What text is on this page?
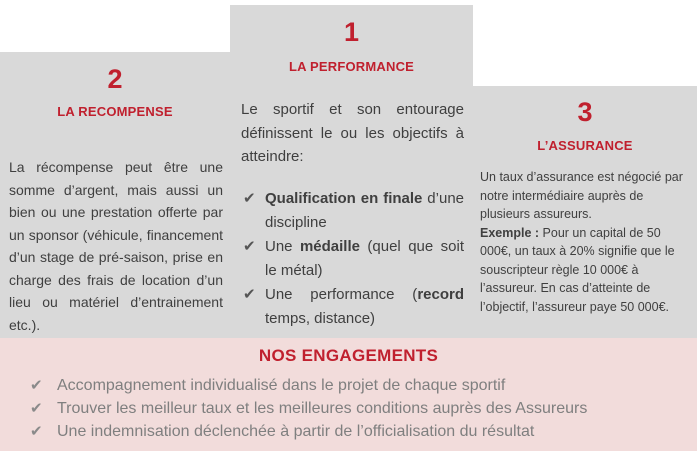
2
LA RECOMPENSE

La récompense peut être une somme d’argent, mais aussi un bien ou une prestation offerte par un sponsor (véhicule, financement d’un stage de pré-saison, prise en charge des frais de location d’un lieu ou matériel d’entrainement etc.).

1
LA PERFORMANCE

Le sportif et son entourage définissent le ou les objectifs à atteindre:

✔ Qualification en finale d’une discipline
✔ Une médaille (quel que soit le métal)
✔ Une performance (record temps, distance)
3
L’ASSURANCE

Un taux d’assurance est négocié par notre intermédiaire auprès de plusieurs assureurs.

Exemple : Pour un capital de 50 000€, un taux à 20% signifie que le souscripteur règle 10 000€ à l’assureur. En cas d’atteinte de l’objectif, l’assureur paye 50 000€.

NOS ENGAGEMENTS
✔ Accompagnement individualisé dans le projet de chaque sportif
✔ Trouver les meilleur taux et les meilleures conditions auprès des Assureurs
✔ Une indemnisation déclenchée à partir de l’officialisation du résultat
